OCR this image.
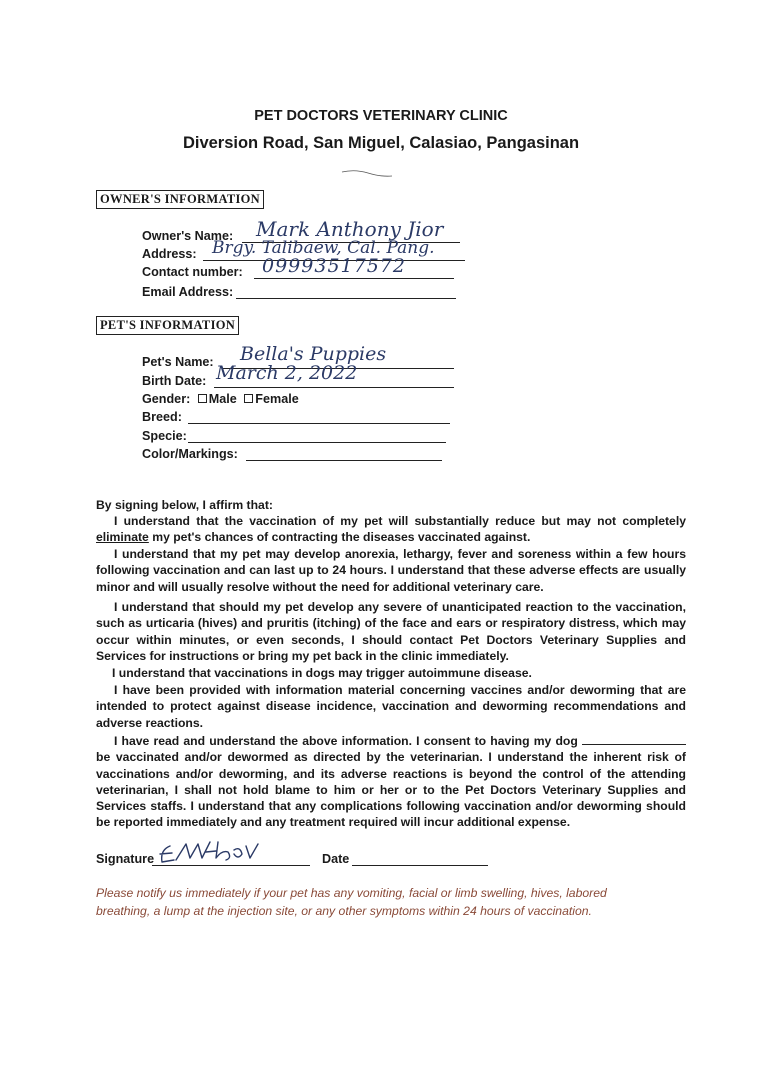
PET DOCTORS VETERINARY CLINIC
Diversion Road, San Miguel, Calasiao, Pangasinan
OWNER'S INFORMATION
Owner's Name: Mark Anthony Jior
Address: Brgy. Talibaew, Cal. Pang.
Contact number: 09993517572
Email Address:
PET'S INFORMATION
Pet's Name: Bella's Puppies
Birth Date: March 2, 2022
Gender: Male Female
Breed:
Specie:
Color/Markings:
By signing below, I affirm that:

I understand that the vaccination of my pet will substantially reduce but may not completely eliminate my pet's chances of contracting the diseases vaccinated against.

I understand that my pet may develop anorexia, lethargy, fever and soreness within a few hours following vaccination and can last up to 24 hours. I understand that these adverse effects are usually minor and will usually resolve without the need for additional veterinary care.

I understand that should my pet develop any severe of unanticipated reaction to the vaccination, such as urticaria (hives) and pruritis (itching) of the face and ears or respiratory distress, which may occur within minutes, or even seconds, I should contact Pet Doctors Veterinary Supplies and Services for instructions or bring my pet back in the clinic immediately.

I understand that vaccinations in dogs may trigger autoimmune disease.

I have been provided with information material concerning vaccines and/or deworming that are intended to protect against disease incidence, vaccination and deworming recommendations and adverse reactions.

I have read and understand the above information. I consent to having my dog  be vaccinated and/or dewormed as directed by the veterinarian. I understand the inherent risk of vaccinations and/or deworming, and its adverse reactions is beyond the control of the attending veterinarian, I shall not hold blame to him or her or to the Pet Doctors Veterinary Supplies and Services staffs. I understand that any complications following vaccination and/or deworming should be reported immediately and any treatment required will incur additional expense.

Signature	Date
Please notify us immediately if your pet has any vomiting, facial or limb swelling, hives, labored breathing, a lump at the injection site, or any other symptoms within 24 hours of vaccination.
